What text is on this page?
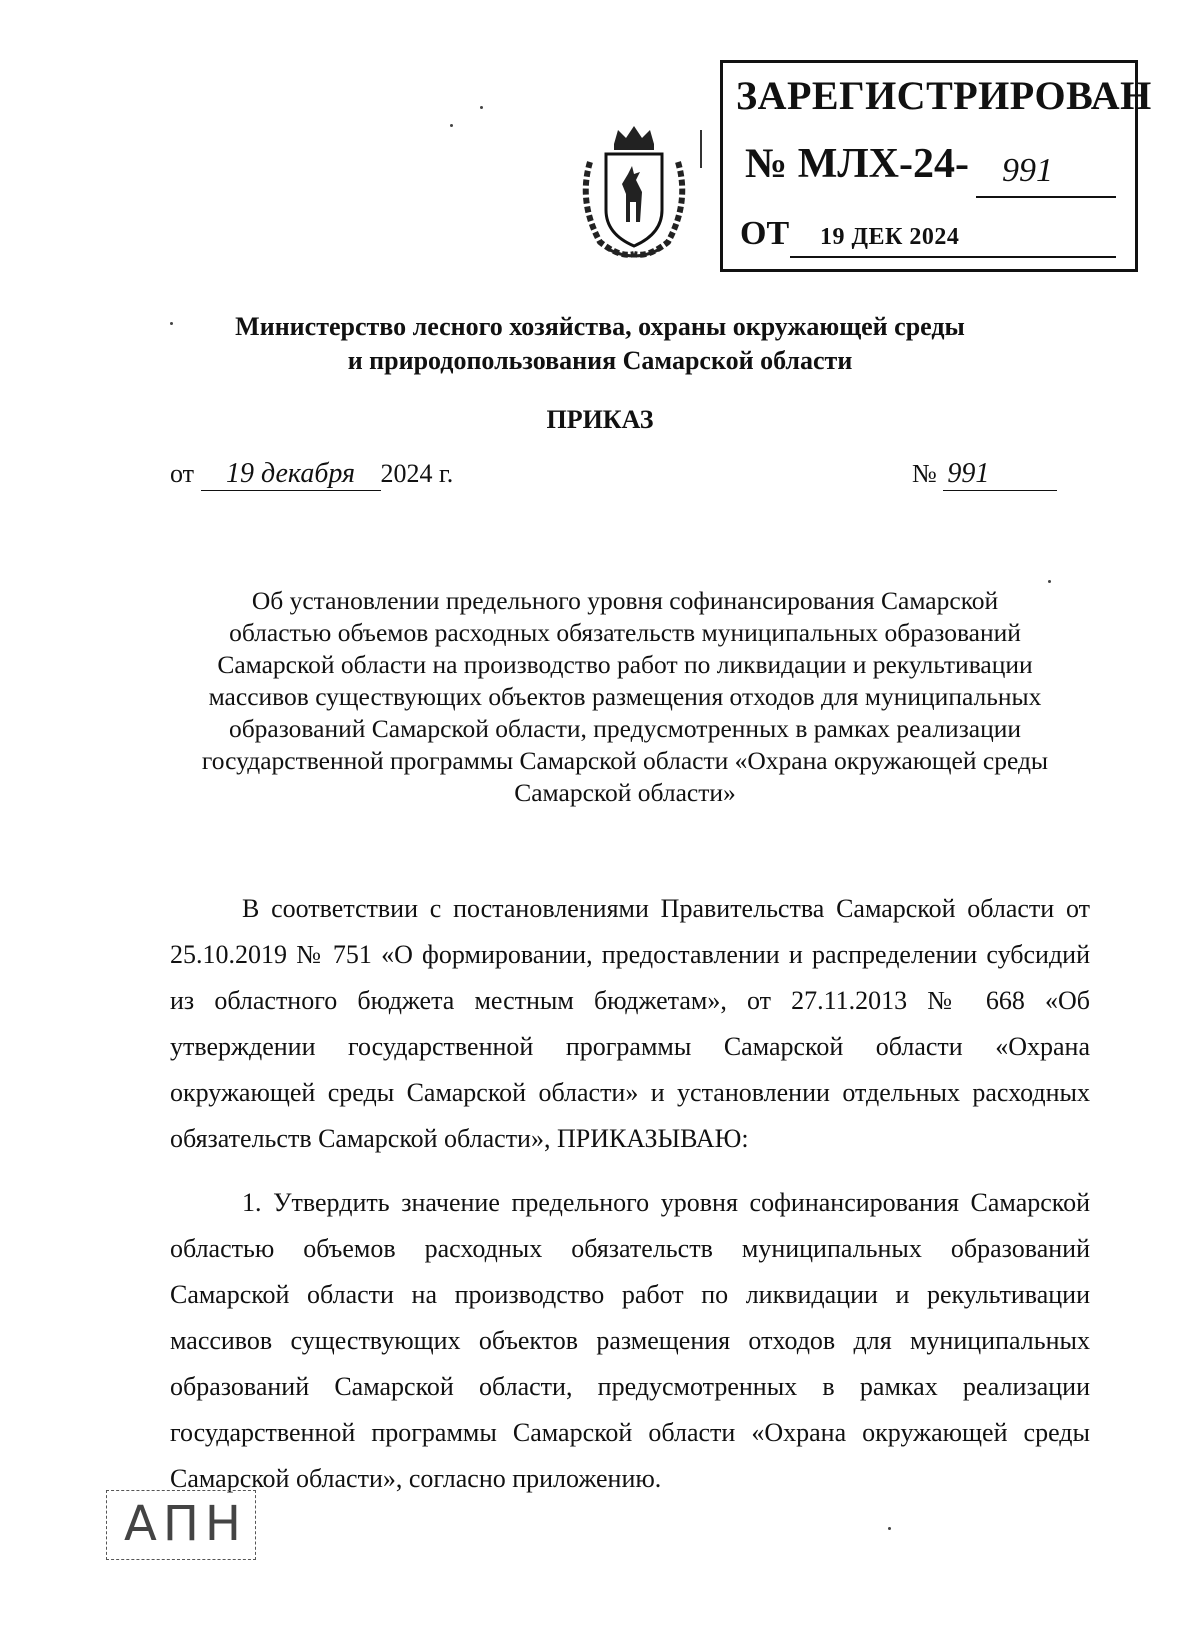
ЗАРЕГИСТРИРОВАН
№ МЛХ-24- 991
ОТ 19 ДЕК 2024
Министерство лесного хозяйства, охраны окружающей среды
и природопользования Самарской области
ПРИКАЗ
от 19 декабря 2024 г.	№ 991
Об установлении предельного уровня софинансирования Самарской
областью объемов расходных обязательств муниципальных образований
Самарской области на производство работ по ликвидации и рекультивации
массивов существующих объектов размещения отходов для муниципальных
образований Самарской области, предусмотренных в рамках реализации
государственной программы Самарской области «Охрана окружающей среды
Самарской области»
В соответствии с постановлениями Правительства Самарской области от 25.10.2019 № 751 «О формировании, предоставлении и распределении субсидий из областного бюджета местным бюджетам», от 27.11.2013 № 668 «Об утверждении государственной программы Самарской области «Охрана окружающей среды Самарской области» и установлении отдельных расходных обязательств Самарской области», ПРИКАЗЫВАЮ:
1. Утвердить значение предельного уровня софинансирования Самарской областью объемов расходных обязательств муниципальных образований Самарской области на производство работ по ликвидации и рекультивации массивов существующих объектов размещения отходов для муниципальных образований Самарской области, предусмотренных в рамках реализации государственной программы Самарской области «Охрана окружающей среды Самарской области», согласно приложению.
АПН
